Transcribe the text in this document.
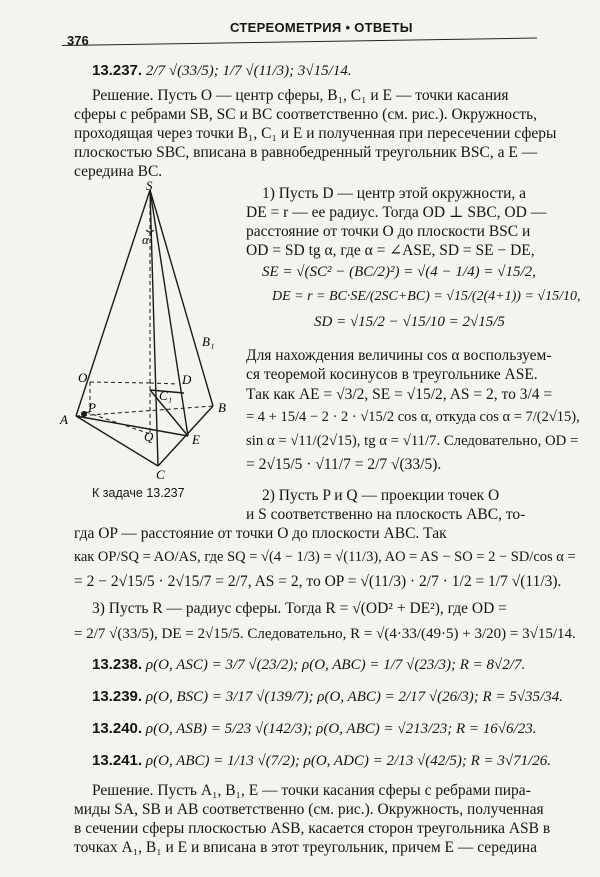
376
СТЕРЕОМЕТРИЯ • ОТВЕТЫ
13.237. 2/7 √(33/5); 1/7 √(11/3); 3√15/14.
Решение. Пусть O — центр сферы, B₁, C₁ и E — точки касания
сферы с ребрами SB, SC и BC соответственно (см. рис.). Окружность,
проходящая через точки B₁, C₁ и E и полученная при пересечении сферы
плоскостью SBC, вписана в равнобедренный треугольник BSC, а E —
середина BC.
S
α
B₁
O	D
C₁
A
P	B
Q	E
C
К задаче 13.237
1) Пусть D — центр этой окружности, а
DE = r — ее радиус. Тогда OD ⊥ SBC, OD —
расстояние от точки O до плоскости BSC и
OD = SD tg α, где α = ∠ASE, SD = SE − DE,
SE = √(SC² − (BC/2)²) = √(4 − 1/4) = √15/2,
DE = r = BC·SE/(2SC+BC) = √15/(2(4+1)) = √15/10,
SD = √15/2 − √15/10 = 2√15/5
Для нахождения величины cos α воспользуем-
ся теоремой косинусов в треугольнике ASE.
Так как AE = √3/2, SE = √15/2, AS = 2, то 3/4 =
= 4 + 15/4 − 2 · 2 · √15/2 cos α, откуда cos α = 7/(2√15),
sin α = √11/(2√15), tg α = √11/7. Следовательно, OD =
= 2√15/5 · √11/7 = 2/7 √(33/5).
2) Пусть P и Q — проекции точек O
и S соответственно на плоскость ABC, то-
гда OP — расстояние от точки O до плоскости ABC. Так
как OP/SQ = AO/AS, где SQ = √(4 − 1/3) = √(11/3), AO = AS − SO = 2 − SD/cos α =
= 2 − 2√15/5 · 2√15/7 = 2/7, AS = 2, то OP = √(11/3) · 2/7 · 1/2 = 1/7 √(11/3).
3) Пусть R — радиус сферы. Тогда R = √(OD² + DE²), где OD =
= 2/7 √(33/5), DE = 2√15/5. Следовательно, R = √(4·33/(49·5) + 3/20) = 3√15/14.
13.238. ρ(O, ASC) = 3/7 √(23/2); ρ(O, ABC) = 1/7 √(23/3); R = 8√2/7.
13.239. ρ(O, BSC) = 3/17 √(139/7); ρ(O, ABC) = 2/17 √(26/3); R = 5√35/34.
13.240. ρ(O, ASB) = 5/23 √(142/3); ρ(O, ABC) = √213/23; R = 16√6/23.
13.241. ρ(O, ABC) = 1/13 √(7/2); ρ(O, ADC) = 2/13 √(42/5); R = 3√71/26.
Решение. Пусть A₁, B₁, E — точки касания сферы с ребрами пира-
миды SA, SB и AB соответственно (см. рис.). Окружность, полученная
в сечении сферы плоскостью ASB, касается сторон треугольника ASB в
точках A₁, B₁ и E и вписана в этот треугольник, причем E — середина
